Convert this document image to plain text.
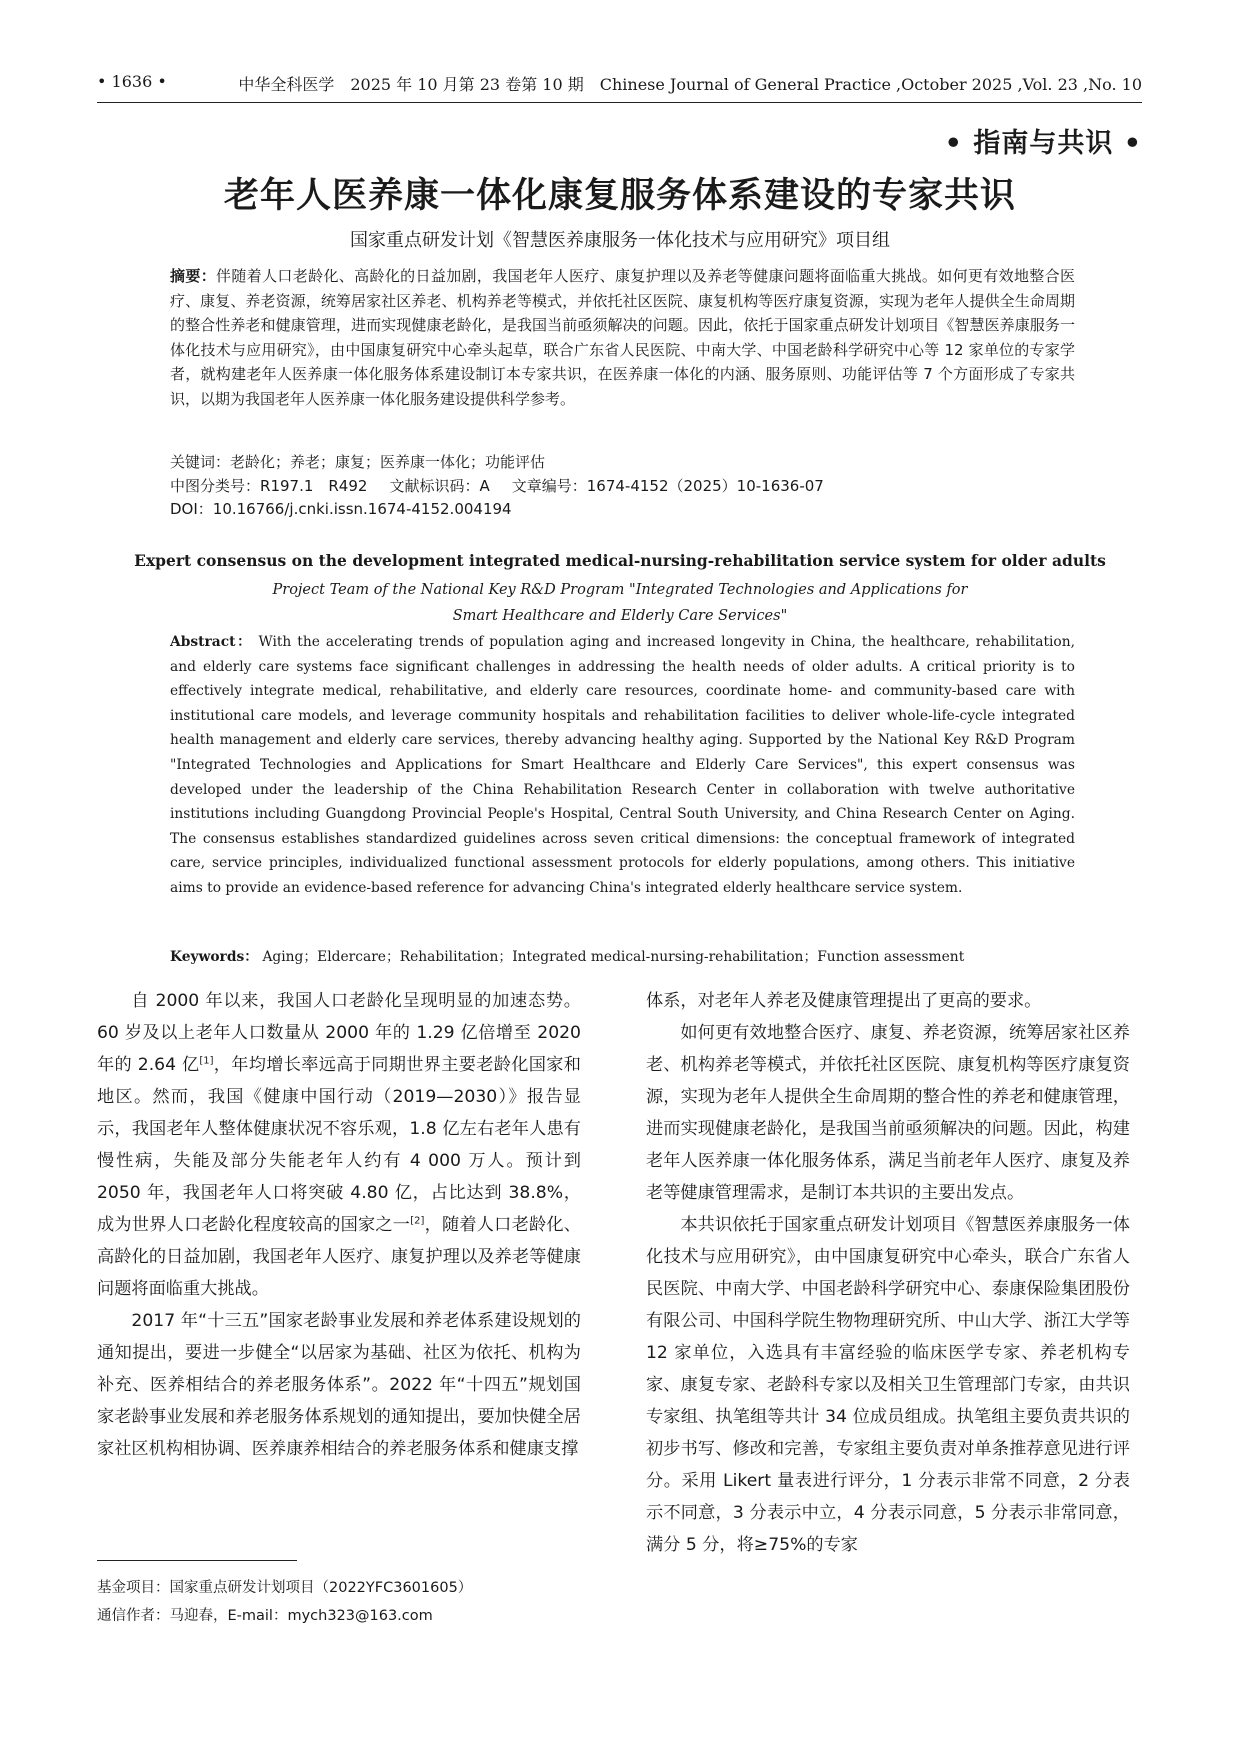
• 1636 •	中华全科医学　2025 年 10 月第 23 卷第 10 期　Chinese Journal of General Practice ,October 2025 ,Vol. 23 ,No. 10
• 指南与共识 •
老年人医养康一体化康复服务体系建设的专家共识
国家重点研发计划《智慧医养康服务一体化技术与应用研究》项目组

摘要：伴随着人口老龄化、高龄化的日益加剧，我国老年人医疗、康复护理以及养老等健康问题将面临重大挑战。如何更有效地整合医疗、康复、养老资源，统筹居家社区养老、机构养老等模式，并依托社区医院、康复机构等医疗康复资源，实现为老年人提供全生命周期的整合性养老和健康管理，进而实现健康老龄化，是我国当前亟须解决的问题。因此，依托于国家重点研发计划项目《智慧医养康服务一体化技术与应用研究》，由中国康复研究中心牵头起草，联合广东省人民医院、中南大学、中国老龄科学研究中心等 12 家单位的专家学者，就构建老年人医养康一体化服务体系建设制订本专家共识，在医养康一体化的内涵、服务原则、功能评估等 7 个方面形成了专家共识，以期为我国老年人医养康一体化服务建设提供科学参考。

关键词：老龄化；养老；康复；医养康一体化；功能评估
中图分类号：R197.1　R492 文献标识码：A 文章编号：1674-4152（2025）10-1636-07
DOI：10.16766/j.cnki.issn.1674-4152.004194
Expert consensus on the development integrated medical-nursing-rehabilitation service system for older adults
Project Team of the National Key R&D Program "Integrated Technologies and Applications for
Smart Healthcare and Elderly Care Services"

Abstract： With the accelerating trends of population aging and increased longevity in China, the healthcare, rehabilitation, and elderly care systems face significant challenges in addressing the health needs of older adults. A critical priority is to effectively integrate medical, rehabilitative, and elderly care resources, coordinate home- and community-based care with institutional care models, and leverage community hospitals and rehabilitation facilities to deliver whole-life-cycle integrated health management and elderly care services, thereby advancing healthy aging. Supported by the National Key R&D Program "Integrated Technologies and Applications for Smart Healthcare and Elderly Care Services", this expert consensus was developed under the leadership of the China Rehabilitation Research Center in collaboration with twelve authoritative institutions including Guangdong Provincial People's Hospital, Central South University, and China Research Center on Aging. The consensus establishes standardized guidelines across seven critical dimensions: the conceptual framework of integrated care, service principles, individualized functional assessment protocols for elderly populations, among others. This initiative aims to provide an evidence-based reference for advancing China's integrated elderly healthcare service system.

Keywords： Aging；Eldercare；Rehabilitation；Integrated medical-nursing-rehabilitation；Function assessment

自 2000 年以来，我国人口老龄化呈现明显的加速态势。60 岁及以上老年人口数量从 2000 年的 1.29 亿倍增至 2020 年的 2.64 亿[1]，年均增长率远高于同期世界主要老龄化国家和地区。然而，我国《健康中国行动（2019—2030）》报告显示，我国老年人整体健康状况不容乐观，1.8 亿左右老年人患有慢性病，失能及部分失能老年人约有 4 000 万人。预计到 2050 年，我国老年人口将突破 4.80 亿，占比达到 38.8%，成为世界人口老龄化程度较高的国家之一[2]，随着人口老龄化、高龄化的日益加剧，我国老年人医疗、康复护理以及养老等健康问题将面临重大挑战。

2017 年“十三五”国家老龄事业发展和养老体系建设规划的通知提出，要进一步健全“以居家为基础、社区为依托、机构为补充、医养相结合的养老服务体系”。2022 年“十四五”规划国家老龄事业发展和养老服务体系规划的通知提出，要加快健全居家社区机构相协调、医养康养相结合的养老服务体系和健康支撑

体系，对老年人养老及健康管理提出了更高的要求。

如何更有效地整合医疗、康复、养老资源，统筹居家社区养老、机构养老等模式，并依托社区医院、康复机构等医疗康复资源，实现为老年人提供全生命周期的整合性的养老和健康管理，进而实现健康老龄化，是我国当前亟须解决的问题。因此，构建老年人医养康一体化服务体系，满足当前老年人医疗、康复及养老等健康管理需求，是制订本共识的主要出发点。

本共识依托于国家重点研发计划项目《智慧医养康服务一体化技术与应用研究》，由中国康复研究中心牵头，联合广东省人民医院、中南大学、中国老龄科学研究中心、泰康保险集团股份有限公司、中国科学院生物物理研究所、中山大学、浙江大学等 12 家单位，入选具有丰富经验的临床医学专家、养老机构专家、康复专家、老龄科专家以及相关卫生管理部门专家，由共识专家组、执笔组等共计 34 位成员组成。执笔组主要负责共识的初步书写、修改和完善，专家组主要负责对单条推荐意见进行评分。采用 Likert 量表进行评分，1 分表示非常不同意，2 分表示不同意，3 分表示中立，4 分表示同意，5 分表示非常同意，满分 5 分，将≥75%的专家

基金项目：国家重点研发计划项目（2022YFC3601605）
通信作者：马迎春，E-mail：mych323@163.com
